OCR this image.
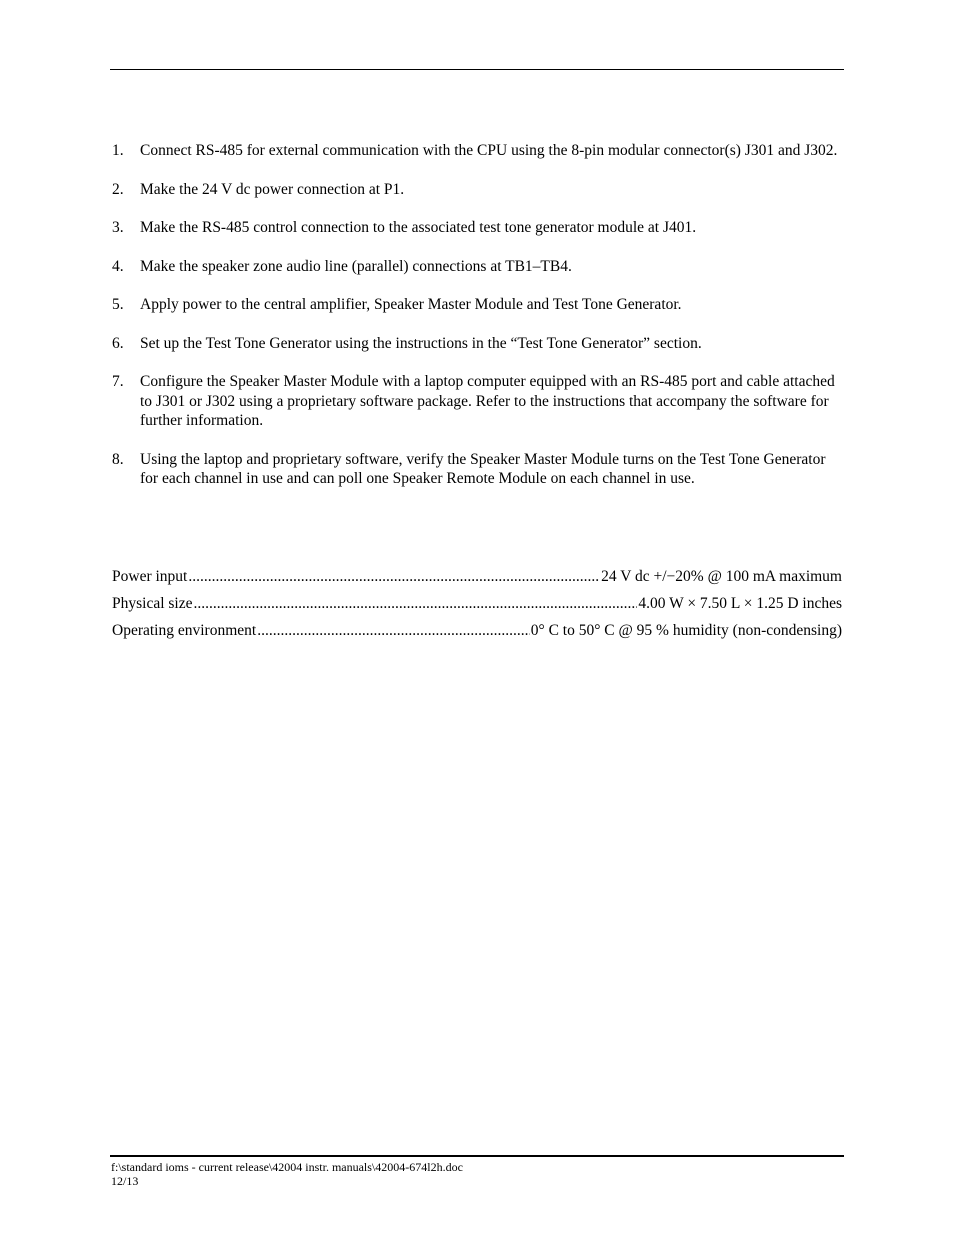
1. Connect RS-485 for external communication with the CPU using the 8-pin modular connector(s) J301 and J302.
2. Make the 24 V dc power connection at P1.
3. Make the RS-485 control connection to the associated test tone generator module at J401.
4. Make the speaker zone audio line (parallel) connections at TB1–TB4.
5. Apply power to the central amplifier, Speaker Master Module and Test Tone Generator.
6. Set up the Test Tone Generator using the instructions in the “Test Tone Generator” section.
7. Configure the Speaker Master Module with a laptop computer equipped with an RS-485 port and cable attached to J301 or J302 using a proprietary software package. Refer to the instructions that accompany the software for further information.
8. Using the laptop and proprietary software, verify the Speaker Master Module turns on the Test Tone Generator for each channel in use and can poll one Speaker Remote Module on each channel in use.
Power input .....	24 V dc +/−20% @ 100 mA maximum
Physical size .....	4.00 W × 7.50 L × 1.25 D inches
Operating environment .....	0° C to 50° C @ 95 % humidity (non-condensing)
f:\standard ioms - current release\42004 instr. manuals\42004-674l2h.doc
12/13
